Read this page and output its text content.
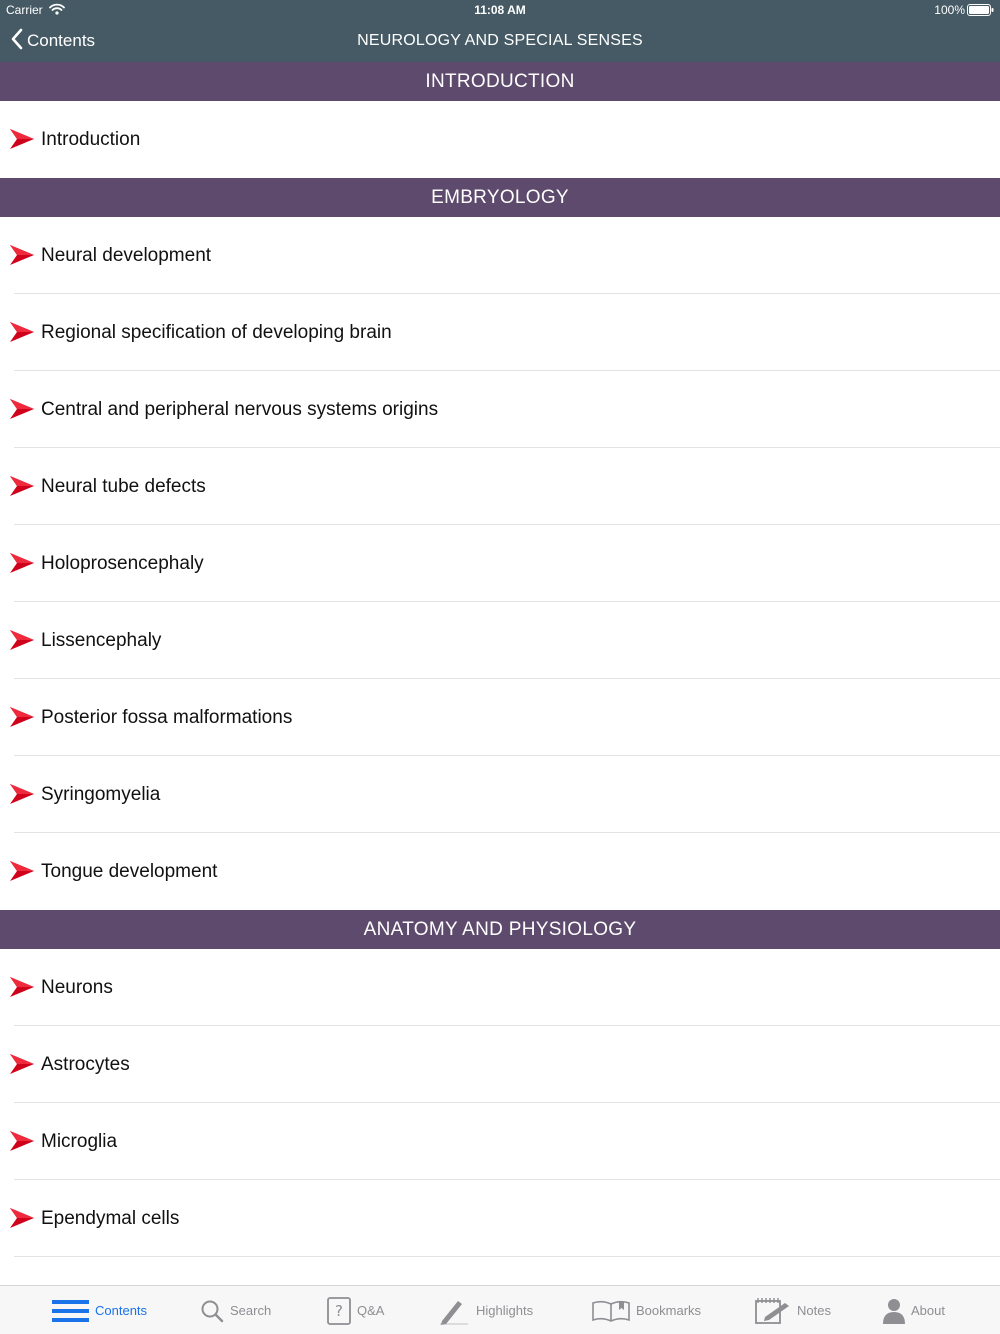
Carrier	11:08 AM	100%
Contents	NEUROLOGY AND SPECIAL SENSES
INTRODUCTION
Introduction
EMBRYOLOGY
Neural development
Regional specification of developing brain
Central and peripheral nervous systems origins
Neural tube defects
Holoprosencephaly
Lissencephaly
Posterior fossa malformations
Syringomyelia
Tongue development
ANATOMY AND PHYSIOLOGY
Neurons
Astrocytes
Microglia
Ependymal cells
Contents	Search	? Q&A	Highlights	Bookmarks	Notes	About
